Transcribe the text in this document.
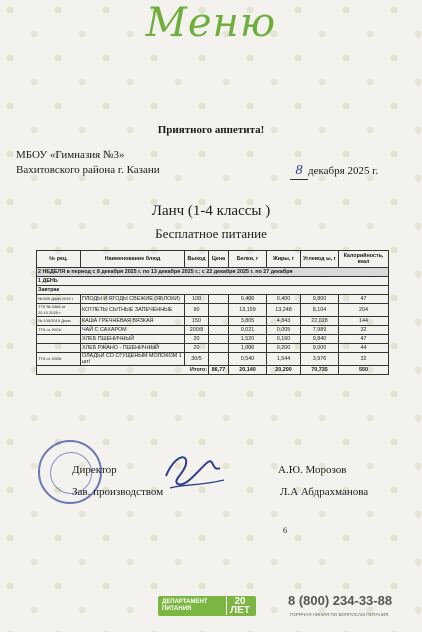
Меню
Приятного аппетита!
МБОУ «Гимназия №3»
Вахитовского района г. Казани	8 декабря 2025 г.
Ланч (1-4 классы )
Бесплатное питание
№ рец.	Наименование блюд	Выход	Цена	Белки, г	Жиры, г	Углевод ы, г	Калорийность, ккал
2 НЕДЕЛЯ в период с 8 декабря 2025 г. по 13 декабря 2025 г.; с 22 декабря 2025 г. по 27 декабря							
1 ДЕНЬ							
Завтрак							
№ 609 Доли 2019 г	ПЛОДЫ И ЯГОДЫ СВЕЖИЕ (ЯБЛОКИ)	100		0,400	0,400	9,800	47
ТТК № 3468 от 20.10.2025 г	КОТЛЕТЫ СЫТНЫЕ ЗАПЕЧЕННЫЕ	90		13,159	13,248	8,104	204
№ 100/2019 Доли	КАША ГРЕЧНЕВАЯ ВЯЗКАЯ	150		3,805	4,843	22,028	144
ТТК от 2021г	ЧАЙ С САХАРОМ	200/8		0,021	0,005	7,989	32
	ХЛЕБ ПШЕНИЧНЫЙ	20		1,520	0,160	9,840	47
	ХЛЕБ РЖАНО - ПШЕНИЧНЫЙ	20		1,000	0,200	9,000	44
ТТК от 2025г	ОЛАДЬИ СО СГУЩЕНЫМ МОЛОКОМ 1 шт/	30/5		0,540	1,544	3,976	32
Итого:			86,77	20,140	20,200	70,735	550
Директор
Зав. производством
А.Ю. Морозов
Л.А Абдрахманова
6
ДЕПАРТАМЕНТ ПИТАНИЯ
20 ЛЕТ
8 (800) 234-33-88
ГОРЯЧАЯ ЛИНИЯ ПО ВОПРОСАМ ПИТАНИЯ
